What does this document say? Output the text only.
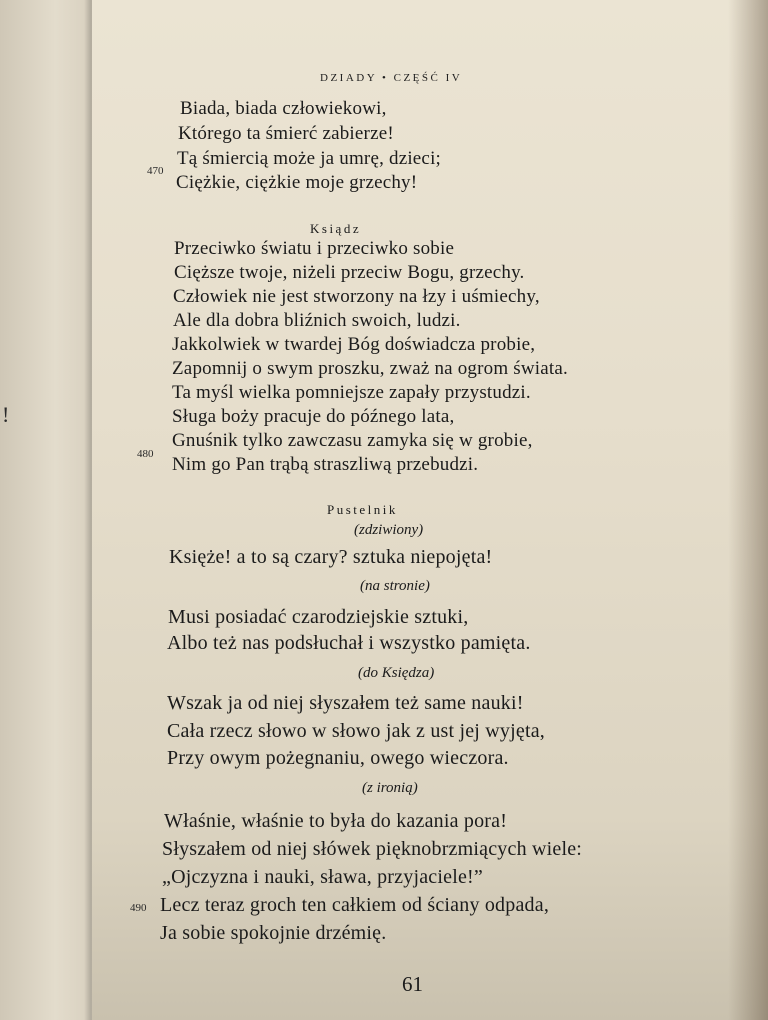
!
DZIADY • CZĘŚĆ IV
Biada, biada człowiekowi,
Którego ta śmierć zabierze!
Tą śmiercią może ja umrę, dzieci;
470
Ciężkie, ciężkie moje grzechy!
Ksiądz
Przeciwko światu i przeciwko sobie
Cięższe twoje, niżeli przeciw Bogu, grzechy.
Człowiek nie jest stworzony na łzy i uśmiechy,
Ale dla dobra bliźnich swoich, ludzi.
Jakkolwiek w twardej Bóg doświadcza probie,
Zapomnij o swym proszku, zważ na ogrom świata.
Ta myśl wielka pomniejsze zapały przystudzi.
Sługa boży pracuje do późnego lata,
Gnuśnik tylko zawczasu zamyka się w grobie,
480 Nim go Pan trąbą straszliwą przebudzi.
Pustelnik
(zdziwiony)
Księże! a to są czary? sztuka niepojęta!
(na stronie)
Musi posiadać czarodziejskie sztuki,
Albo też nas podsłuchał i wszystko pamięta.
(do Księdza)
Wszak ja od niej słyszałem też same nauki!
Cała rzecz słowo w słowo jak z ust jej wyjęta,
Przy owym pożegnaniu, owego wieczora.
(z ironią)
Właśnie, właśnie to była do kazania pora!
Słyszałem od niej słówek pięknobrzmiących wiele:
„Ojczyzna i nauki, sława, przyjaciele!”
490 Lecz teraz groch ten całkiem od ściany odpada,
Ja sobie spokojnie drzémię.
61
